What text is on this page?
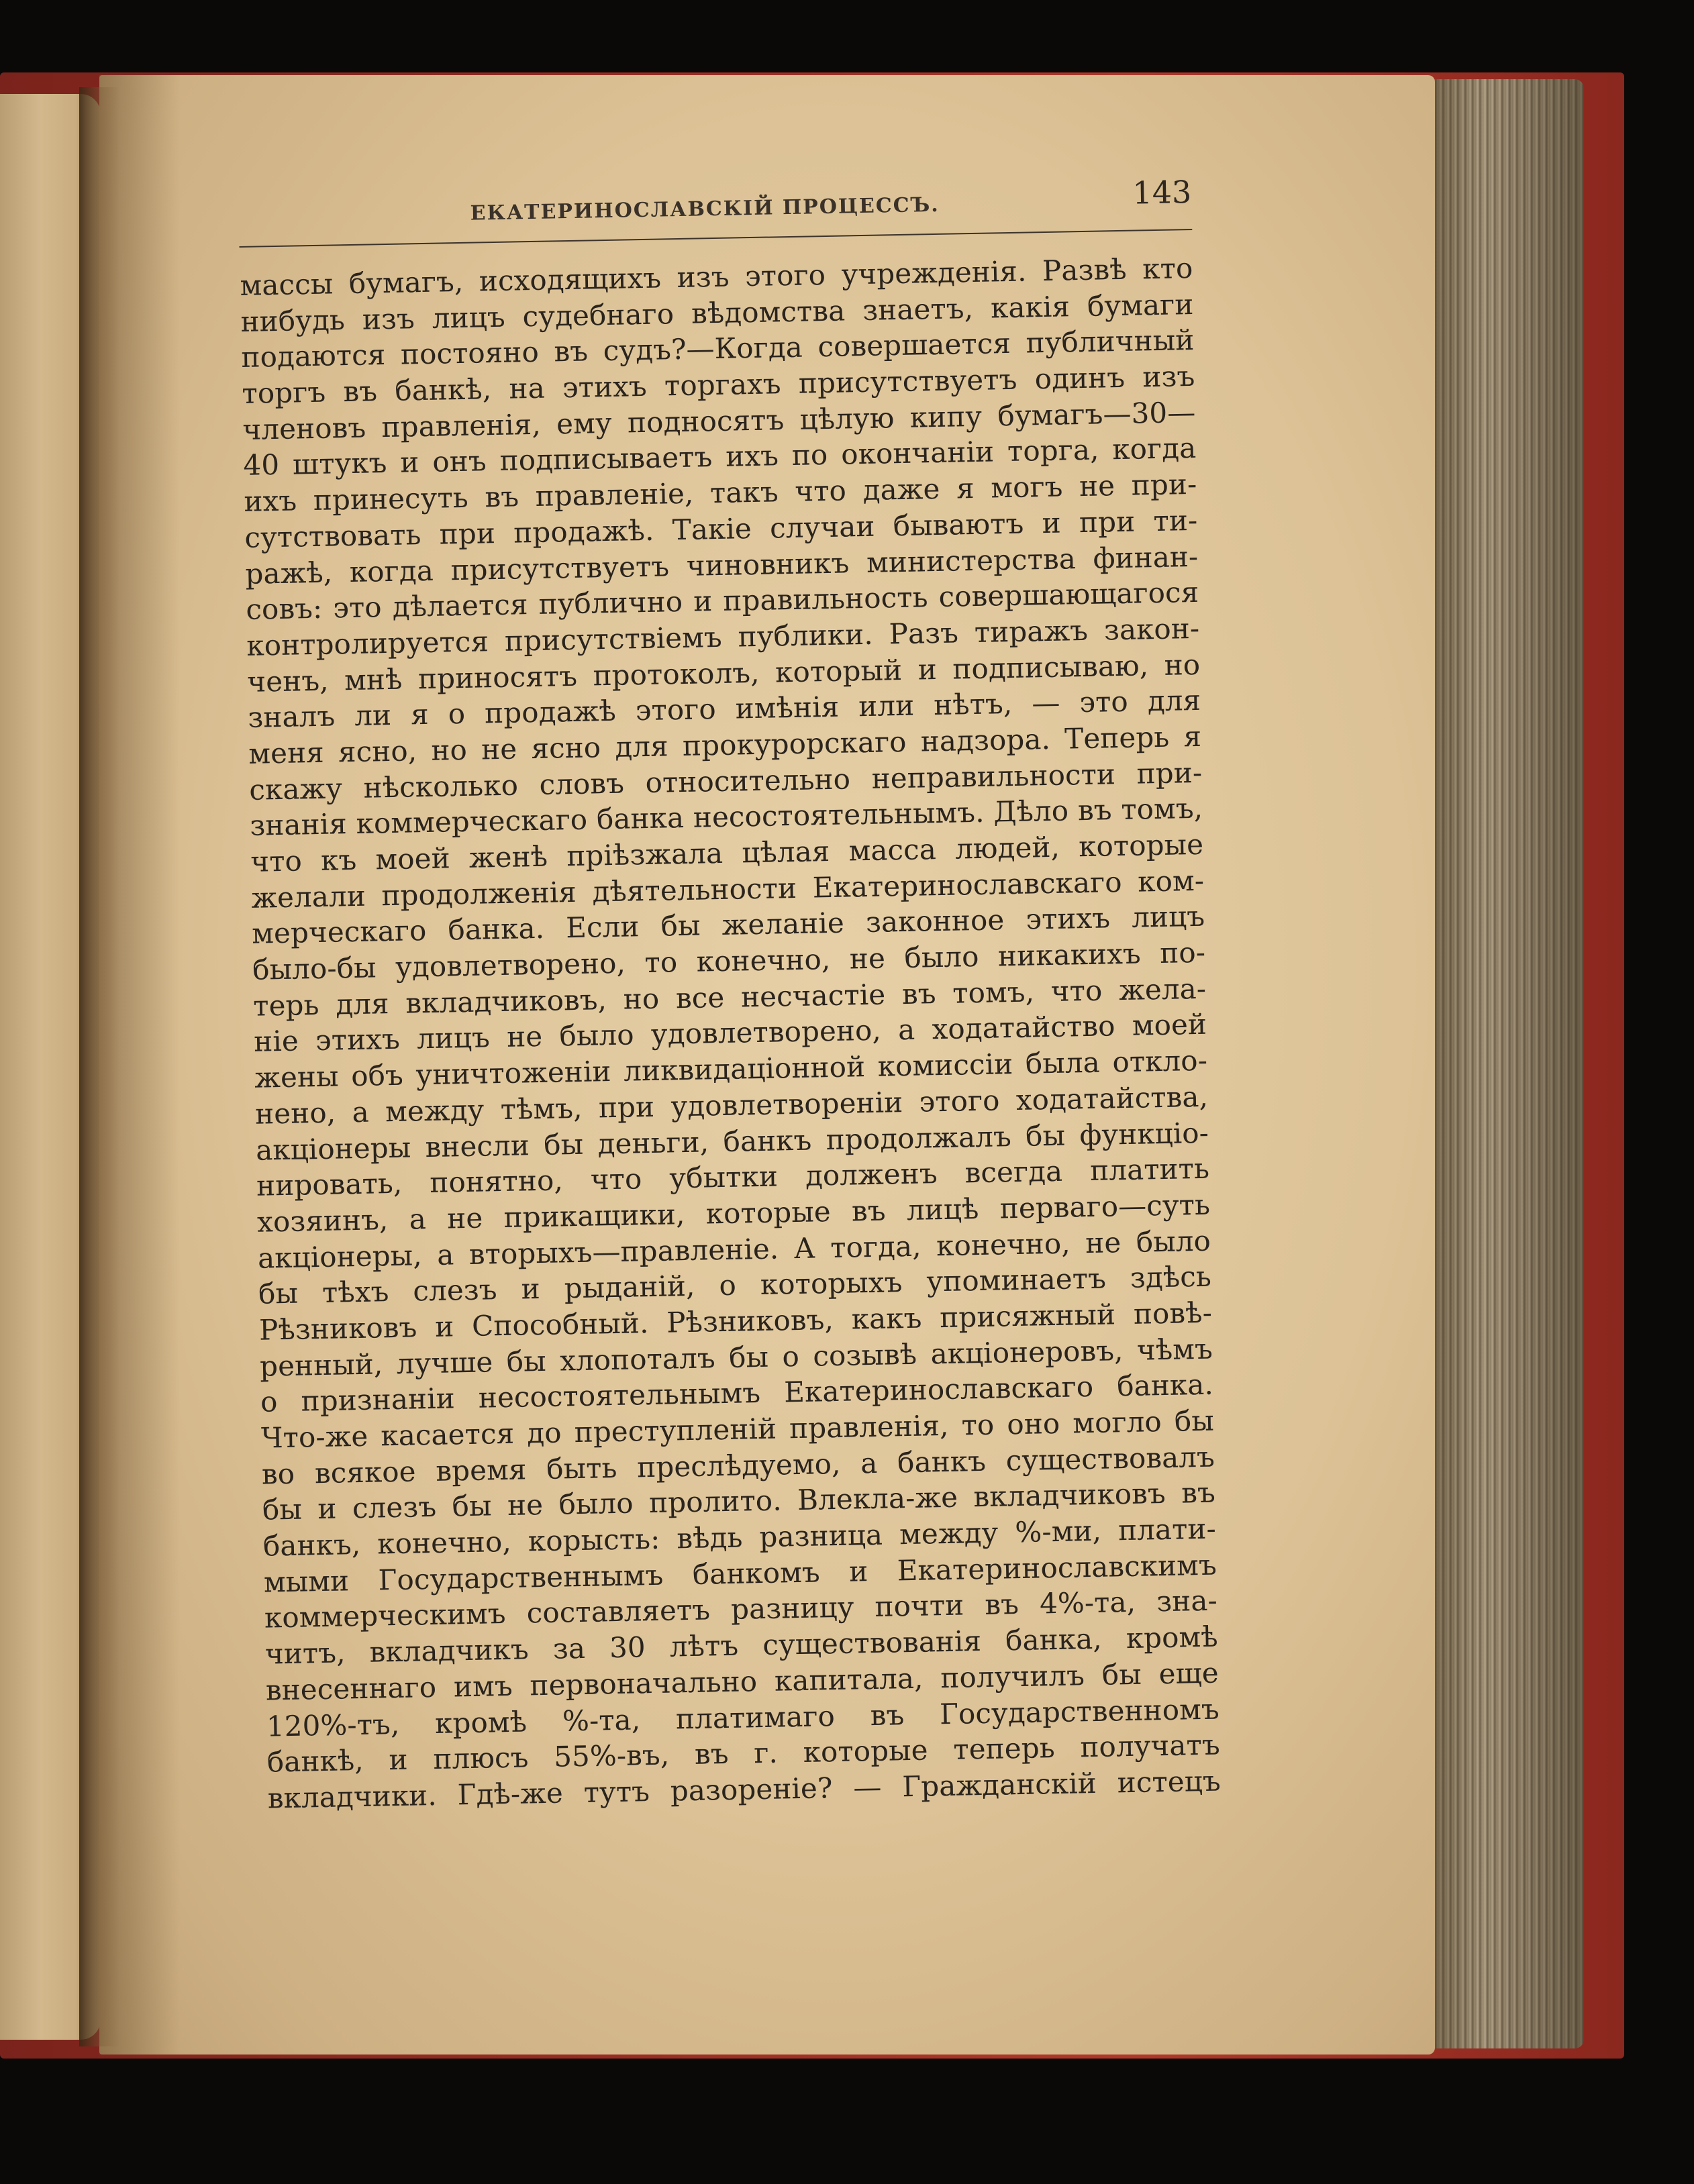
ЕКАТЕРИНОСЛАВСКІЙ ПРОЦЕССЪ.	143
массы бумагъ, исходящихъ изъ этого учрежденія. Развѣ кто
нибудь изъ лицъ судебнаго вѣдомства знаетъ, какія бумаги
подаются постояно въ судъ?—Когда совершается публичный
торгъ въ банкѣ, на этихъ торгахъ присутствуетъ одинъ изъ
членовъ правленія, ему подносятъ цѣлую кипу бумагъ—30—
40 штукъ и онъ подписываетъ ихъ по окончаніи торга, когда
ихъ принесуть въ правленіе, такъ что даже я могъ не при-
сутствовать при продажѣ. Такіе случаи бываютъ и при ти-
ражѣ, когда присутствуетъ чиновникъ министерства финан-
совъ: это дѣлается публично и правильность совершающагося
контролируется присутствіемъ публики. Разъ тиражъ закон-
ченъ, мнѣ приносятъ протоколъ, который и подписываю, но
зналъ ли я о продажѣ этого имѣнія или нѣтъ, — это для
меня ясно, но не ясно для прокурорскаго надзора. Теперь я
скажу нѣсколько словъ относительно неправильности при-
знанія коммерческаго банка несостоятельнымъ. Дѣло въ томъ,
что къ моей женѣ пріѣзжала цѣлая масса людей, которые
желали продолженія дѣятельности Екатеринославскаго ком-
мерческаго банка. Если бы желаніе законное этихъ лицъ
было-бы удовлетворено, то конечно, не было никакихъ по-
терь для вкладчиковъ, но все несчастіе въ томъ, что жела-
ніе этихъ лицъ не было удовлетворено, а ходатайство моей
жены объ уничтоженіи ликвидаціонной комиссіи была откло-
нено, а между тѣмъ, при удовлетвореніи этого ходатайства,
акціонеры внесли бы деньги, банкъ продолжалъ бы функціо-
нировать, понятно, что убытки долженъ всегда платить
хозяинъ, а не прикащики, которые въ лицѣ перваго—суть
акціонеры, а вторыхъ—правленіе. А тогда, конечно, не было
бы тѣхъ слезъ и рыданій, о которыхъ упоминаетъ здѣсь
Рѣзниковъ и Способный. Рѣзниковъ, какъ присяжный повѣ-
ренный, лучше бы хлопоталъ бы о созывѣ акціонеровъ, чѣмъ
о признаніи несостоятельнымъ Екатеринославскаго банка.
Что-же касается до преступленій правленія, то оно могло бы
во всякое время быть преслѣдуемо, а банкъ существовалъ
бы и слезъ бы не было пролито. Влекла-же вкладчиковъ въ
банкъ, конечно, корысть: вѣдь разница между %-ми, плати-
мыми Государственнымъ банкомъ и Екатеринославскимъ
коммерческимъ составляетъ разницу почти въ 4%-та, зна-
читъ, вкладчикъ за 30 лѣтъ существованія банка, кромѣ
внесеннаго имъ первоначально капитала, получилъ бы еще
120%-тъ, кромѣ %-та, платимаго въ Государственномъ
банкѣ, и плюсъ 55%-въ, въ г. которые теперь получатъ
вкладчики. Гдѣ-же тутъ разореніе? — Гражданскій истецъ
